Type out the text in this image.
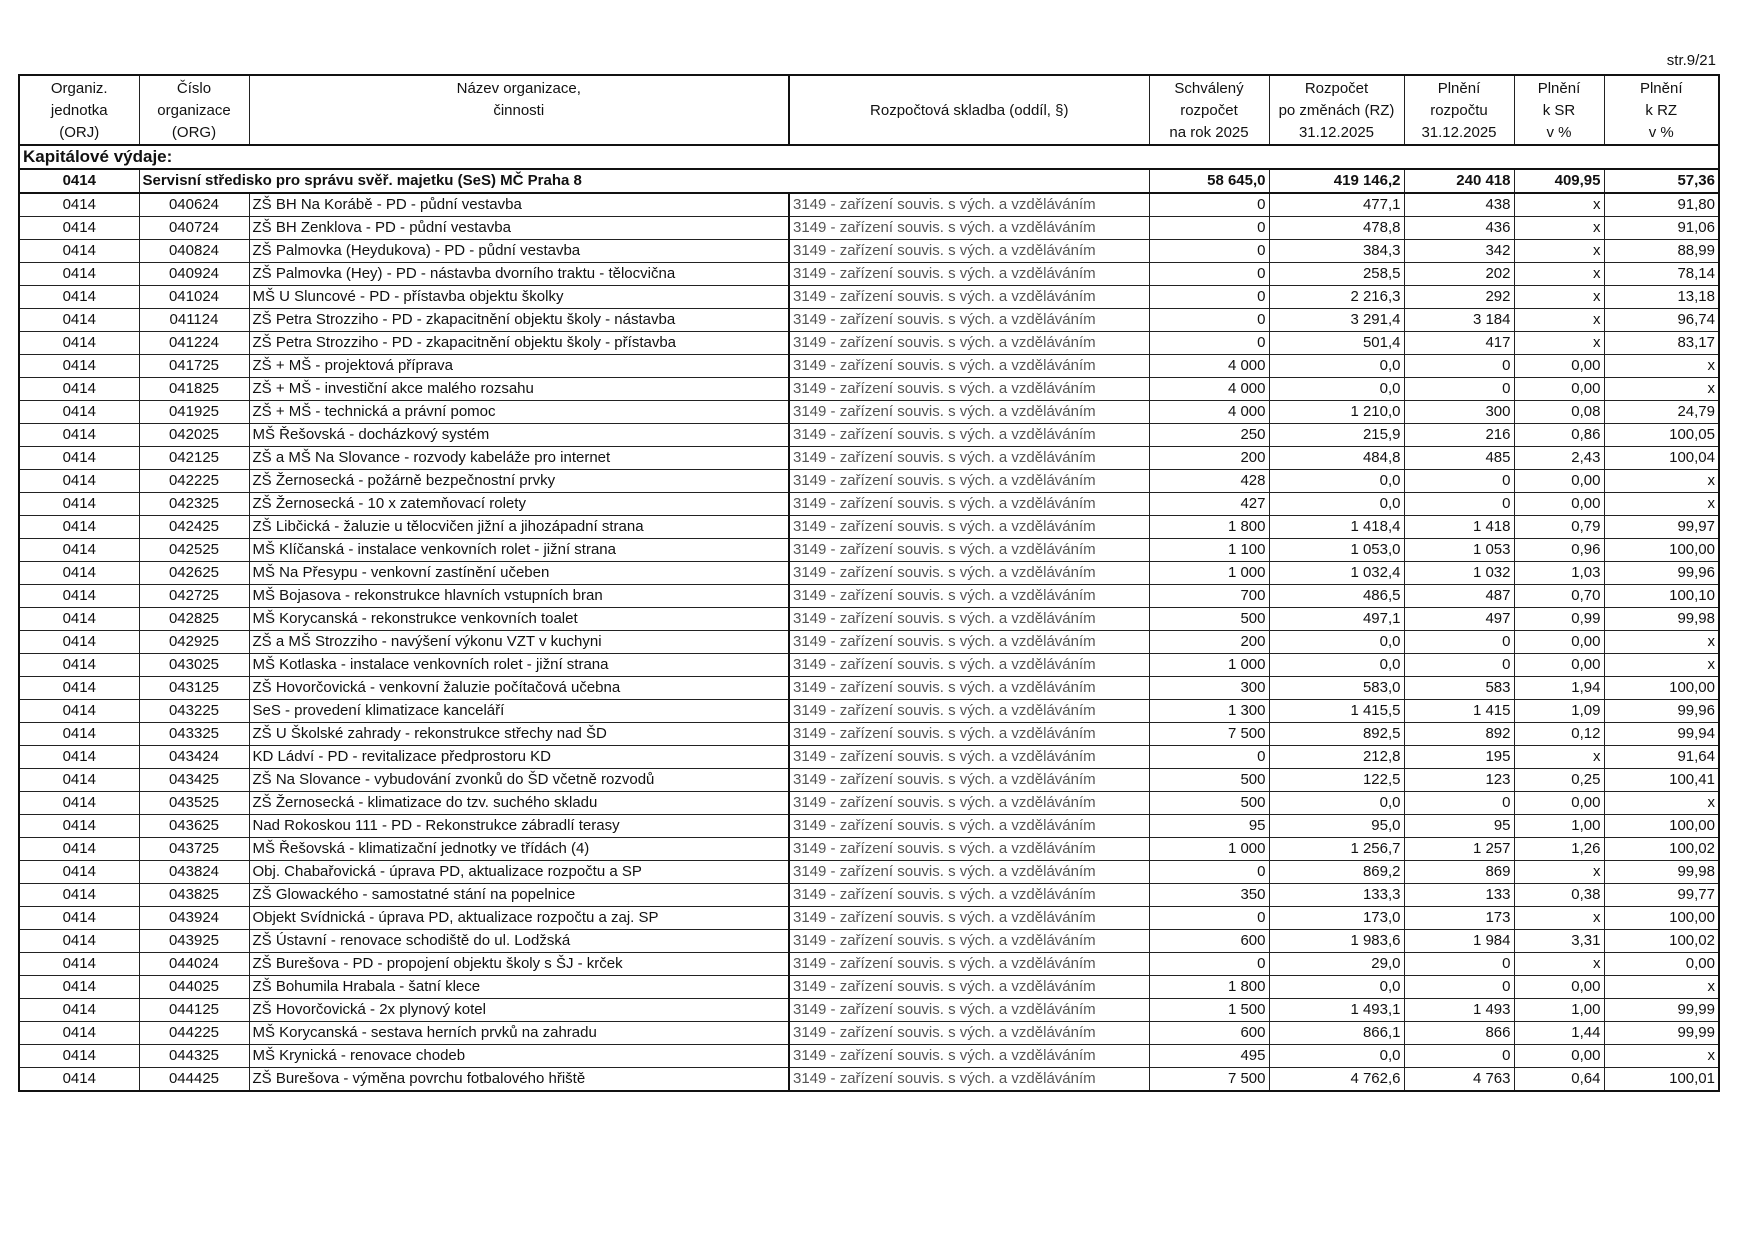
str.9/21
Organiz.
jednotka
(ORJ)	Číslo
organizace
(ORG)	Název organizace,
činnosti	Rozpočtová skladba (oddíl, §)	Schválený
rozpočet
na rok 2025	Rozpočet
po změnách (RZ)
31.12.2025	Plnění
rozpočtu
31.12.2025	Plnění
k SR
v %	Plnění
k RZ
v %

Kapitálové výdaje:								
0414	Servisní středisko pro správu svěř. majetku (SeS) MČ Praha 8			58 645,0	419 146,2	240 418	409,95	57,36
0414	040624	ZŠ BH Na Korábě - PD - půdní vestavba	3149 - zařízení souvis. s vých. a vzděláváním	0	477,1	438	x	91,80
0414	040724	ZŠ BH Zenklova - PD - půdní vestavba	3149 - zařízení souvis. s vých. a vzděláváním	0	478,8	436	x	91,06
0414	040824	ZŠ Palmovka (Heydukova) - PD - půdní vestavba	3149 - zařízení souvis. s vých. a vzděláváním	0	384,3	342	x	88,99
0414	040924	ZŠ Palmovka (Hey) - PD - nástavba dvorního traktu - tělocvična	3149 - zařízení souvis. s vých. a vzděláváním	0	258,5	202	x	78,14
0414	041024	MŠ U Sluncové - PD - přístavba objektu školky	3149 - zařízení souvis. s vých. a vzděláváním	0	2 216,3	292	x	13,18
0414	041124	ZŠ Petra Strozziho - PD - zkapacitnění objektu školy - nástavba	3149 - zařízení souvis. s vých. a vzděláváním	0	3 291,4	3 184	x	96,74
0414	041224	ZŠ Petra Strozziho - PD - zkapacitnění objektu školy - přístavba	3149 - zařízení souvis. s vých. a vzděláváním	0	501,4	417	x	83,17
0414	041725	ZŠ + MŠ - projektová příprava	3149 - zařízení souvis. s vých. a vzděláváním	4 000	0,0	0	0,00	x
0414	041825	ZŠ + MŠ - investiční akce malého rozsahu	3149 - zařízení souvis. s vých. a vzděláváním	4 000	0,0	0	0,00	x
0414	041925	ZŠ + MŠ - technická a právní pomoc	3149 - zařízení souvis. s vých. a vzděláváním	4 000	1 210,0	300	0,08	24,79
0414	042025	MŠ Řešovská - docházkový systém	3149 - zařízení souvis. s vých. a vzděláváním	250	215,9	216	0,86	100,05
0414	042125	ZŠ a MŠ Na Slovance - rozvody kabeláže pro internet	3149 - zařízení souvis. s vých. a vzděláváním	200	484,8	485	2,43	100,04
0414	042225	ZŠ Žernosecká - požárně bezpečnostní prvky	3149 - zařízení souvis. s vých. a vzděláváním	428	0,0	0	0,00	x
0414	042325	ZŠ Žernosecká - 10 x zatemňovací rolety	3149 - zařízení souvis. s vých. a vzděláváním	427	0,0	0	0,00	x
0414	042425	ZŠ Libčická - žaluzie u tělocvičen jižní a jihozápadní strana	3149 - zařízení souvis. s vých. a vzděláváním	1 800	1 418,4	1 418	0,79	99,97
0414	042525	MŠ Klíčanská - instalace venkovních rolet - jižní strana	3149 - zařízení souvis. s vých. a vzděláváním	1 100	1 053,0	1 053	0,96	100,00
0414	042625	MŠ Na Přesypu - venkovní zastínění učeben	3149 - zařízení souvis. s vých. a vzděláváním	1 000	1 032,4	1 032	1,03	99,96
0414	042725	MŠ Bojasova - rekonstrukce hlavních vstupních bran	3149 - zařízení souvis. s vých. a vzděláváním	700	486,5	487	0,70	100,10
0414	042825	MŠ Korycanská - rekonstrukce venkovních toalet	3149 - zařízení souvis. s vých. a vzděláváním	500	497,1	497	0,99	99,98
0414	042925	ZŠ a MŠ Strozziho - navýšení výkonu VZT v kuchyni	3149 - zařízení souvis. s vých. a vzděláváním	200	0,0	0	0,00	x
0414	043025	MŠ Kotlaska - instalace venkovních rolet - jižní strana	3149 - zařízení souvis. s vých. a vzděláváním	1 000	0,0	0	0,00	x
0414	043125	ZŠ Hovorčovická - venkovní žaluzie počítačová učebna	3149 - zařízení souvis. s vých. a vzděláváním	300	583,0	583	1,94	100,00
0414	043225	SeS - provedení klimatizace kanceláří	3149 - zařízení souvis. s vých. a vzděláváním	1 300	1 415,5	1 415	1,09	99,96
0414	043325	ZŠ U Školské zahrady - rekonstrukce střechy nad ŠD	3149 - zařízení souvis. s vých. a vzděláváním	7 500	892,5	892	0,12	99,94
0414	043424	KD Ládví - PD - revitalizace předprostoru KD	3149 - zařízení souvis. s vých. a vzděláváním	0	212,8	195	x	91,64
0414	043425	ZŠ Na Slovance - vybudování zvonků do ŠD včetně rozvodů	3149 - zařízení souvis. s vých. a vzděláváním	500	122,5	123	0,25	100,41
0414	043525	ZŠ Žernosecká - klimatizace do tzv. suchého skladu	3149 - zařízení souvis. s vých. a vzděláváním	500	0,0	0	0,00	x
0414	043625	Nad Rokoskou 111 - PD - Rekonstrukce zábradlí terasy	3149 - zařízení souvis. s vých. a vzděláváním	95	95,0	95	1,00	100,00
0414	043725	MŠ Řešovská - klimatizační jednotky ve třídách (4)	3149 - zařízení souvis. s vých. a vzděláváním	1 000	1 256,7	1 257	1,26	100,02
0414	043824	Obj. Chabařovická - úprava PD, aktualizace rozpočtu a SP	3149 - zařízení souvis. s vých. a vzděláváním	0	869,2	869	x	99,98
0414	043825	ZŠ Glowackého - samostatné stání na popelnice	3149 - zařízení souvis. s vých. a vzděláváním	350	133,3	133	0,38	99,77
0414	043924	Objekt Svídnická - úprava PD, aktualizace rozpočtu a zaj. SP	3149 - zařízení souvis. s vých. a vzděláváním	0	173,0	173	x	100,00
0414	043925	ZŠ Ústavní - renovace schodiště do ul. Lodžská	3149 - zařízení souvis. s vých. a vzděláváním	600	1 983,6	1 984	3,31	100,02
0414	044024	ZŠ Burešova - PD - propojení objektu školy s ŠJ - krček	3149 - zařízení souvis. s vých. a vzděláváním	0	29,0	0	x	0,00
0414	044025	ZŠ Bohumila Hrabala - šatní klece	3149 - zařízení souvis. s vých. a vzděláváním	1 800	0,0	0	0,00	x
0414	044125	ZŠ Hovorčovická - 2x plynový kotel	3149 - zařízení souvis. s vých. a vzděláváním	1 500	1 493,1	1 493	1,00	99,99
0414	044225	MŠ Korycanská - sestava herních prvků na zahradu	3149 - zařízení souvis. s vých. a vzděláváním	600	866,1	866	1,44	99,99
0414	044325	MŠ Krynická - renovace chodeb	3149 - zařízení souvis. s vých. a vzděláváním	495	0,0	0	0,00	x
0414	044425	ZŠ Burešova - výměna povrchu fotbalového hřiště	3149 - zařízení souvis. s vých. a vzděláváním	7 500	4 762,6	4 763	0,64	100,01
